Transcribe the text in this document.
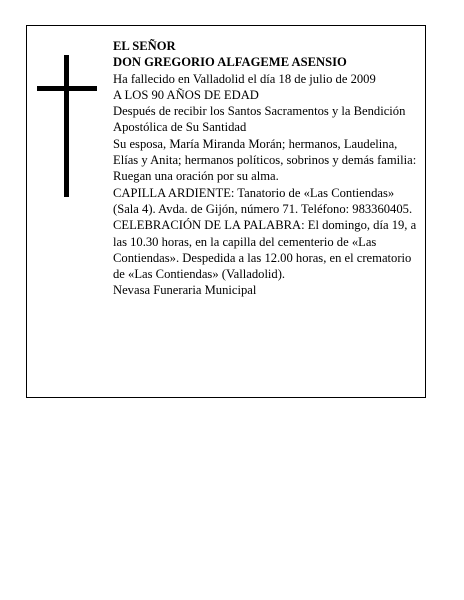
EL SEÑOR

DON GREGORIO ALFAGEME ASENSIO

Ha fallecido en Valladolid el día 18 de julio de 2009

A LOS 90 AÑOS DE EDAD

Después de recibir los Santos Sacramentos y la Bendición Apostólica de Su Santidad

Su esposa, María Miranda Morán; hermanos, Laudelina, Elías y Anita; hermanos políticos, sobrinos y demás familia:

Ruegan una oración por su alma.

CAPILLA ARDIENTE: Tanatorio de «Las Contiendas» (Sala 4). Avda. de Gijón, número 71. Teléfono: 983360405.

CELEBRACIÓN DE LA PALABRA: El domingo, día 19, a las 10.30 horas, en la capilla del cementerio de «Las Contiendas». Despedida a las 12.00 horas, en el crematorio de «Las Contiendas» (Valladolid).

Nevasa Funeraria Municipal
